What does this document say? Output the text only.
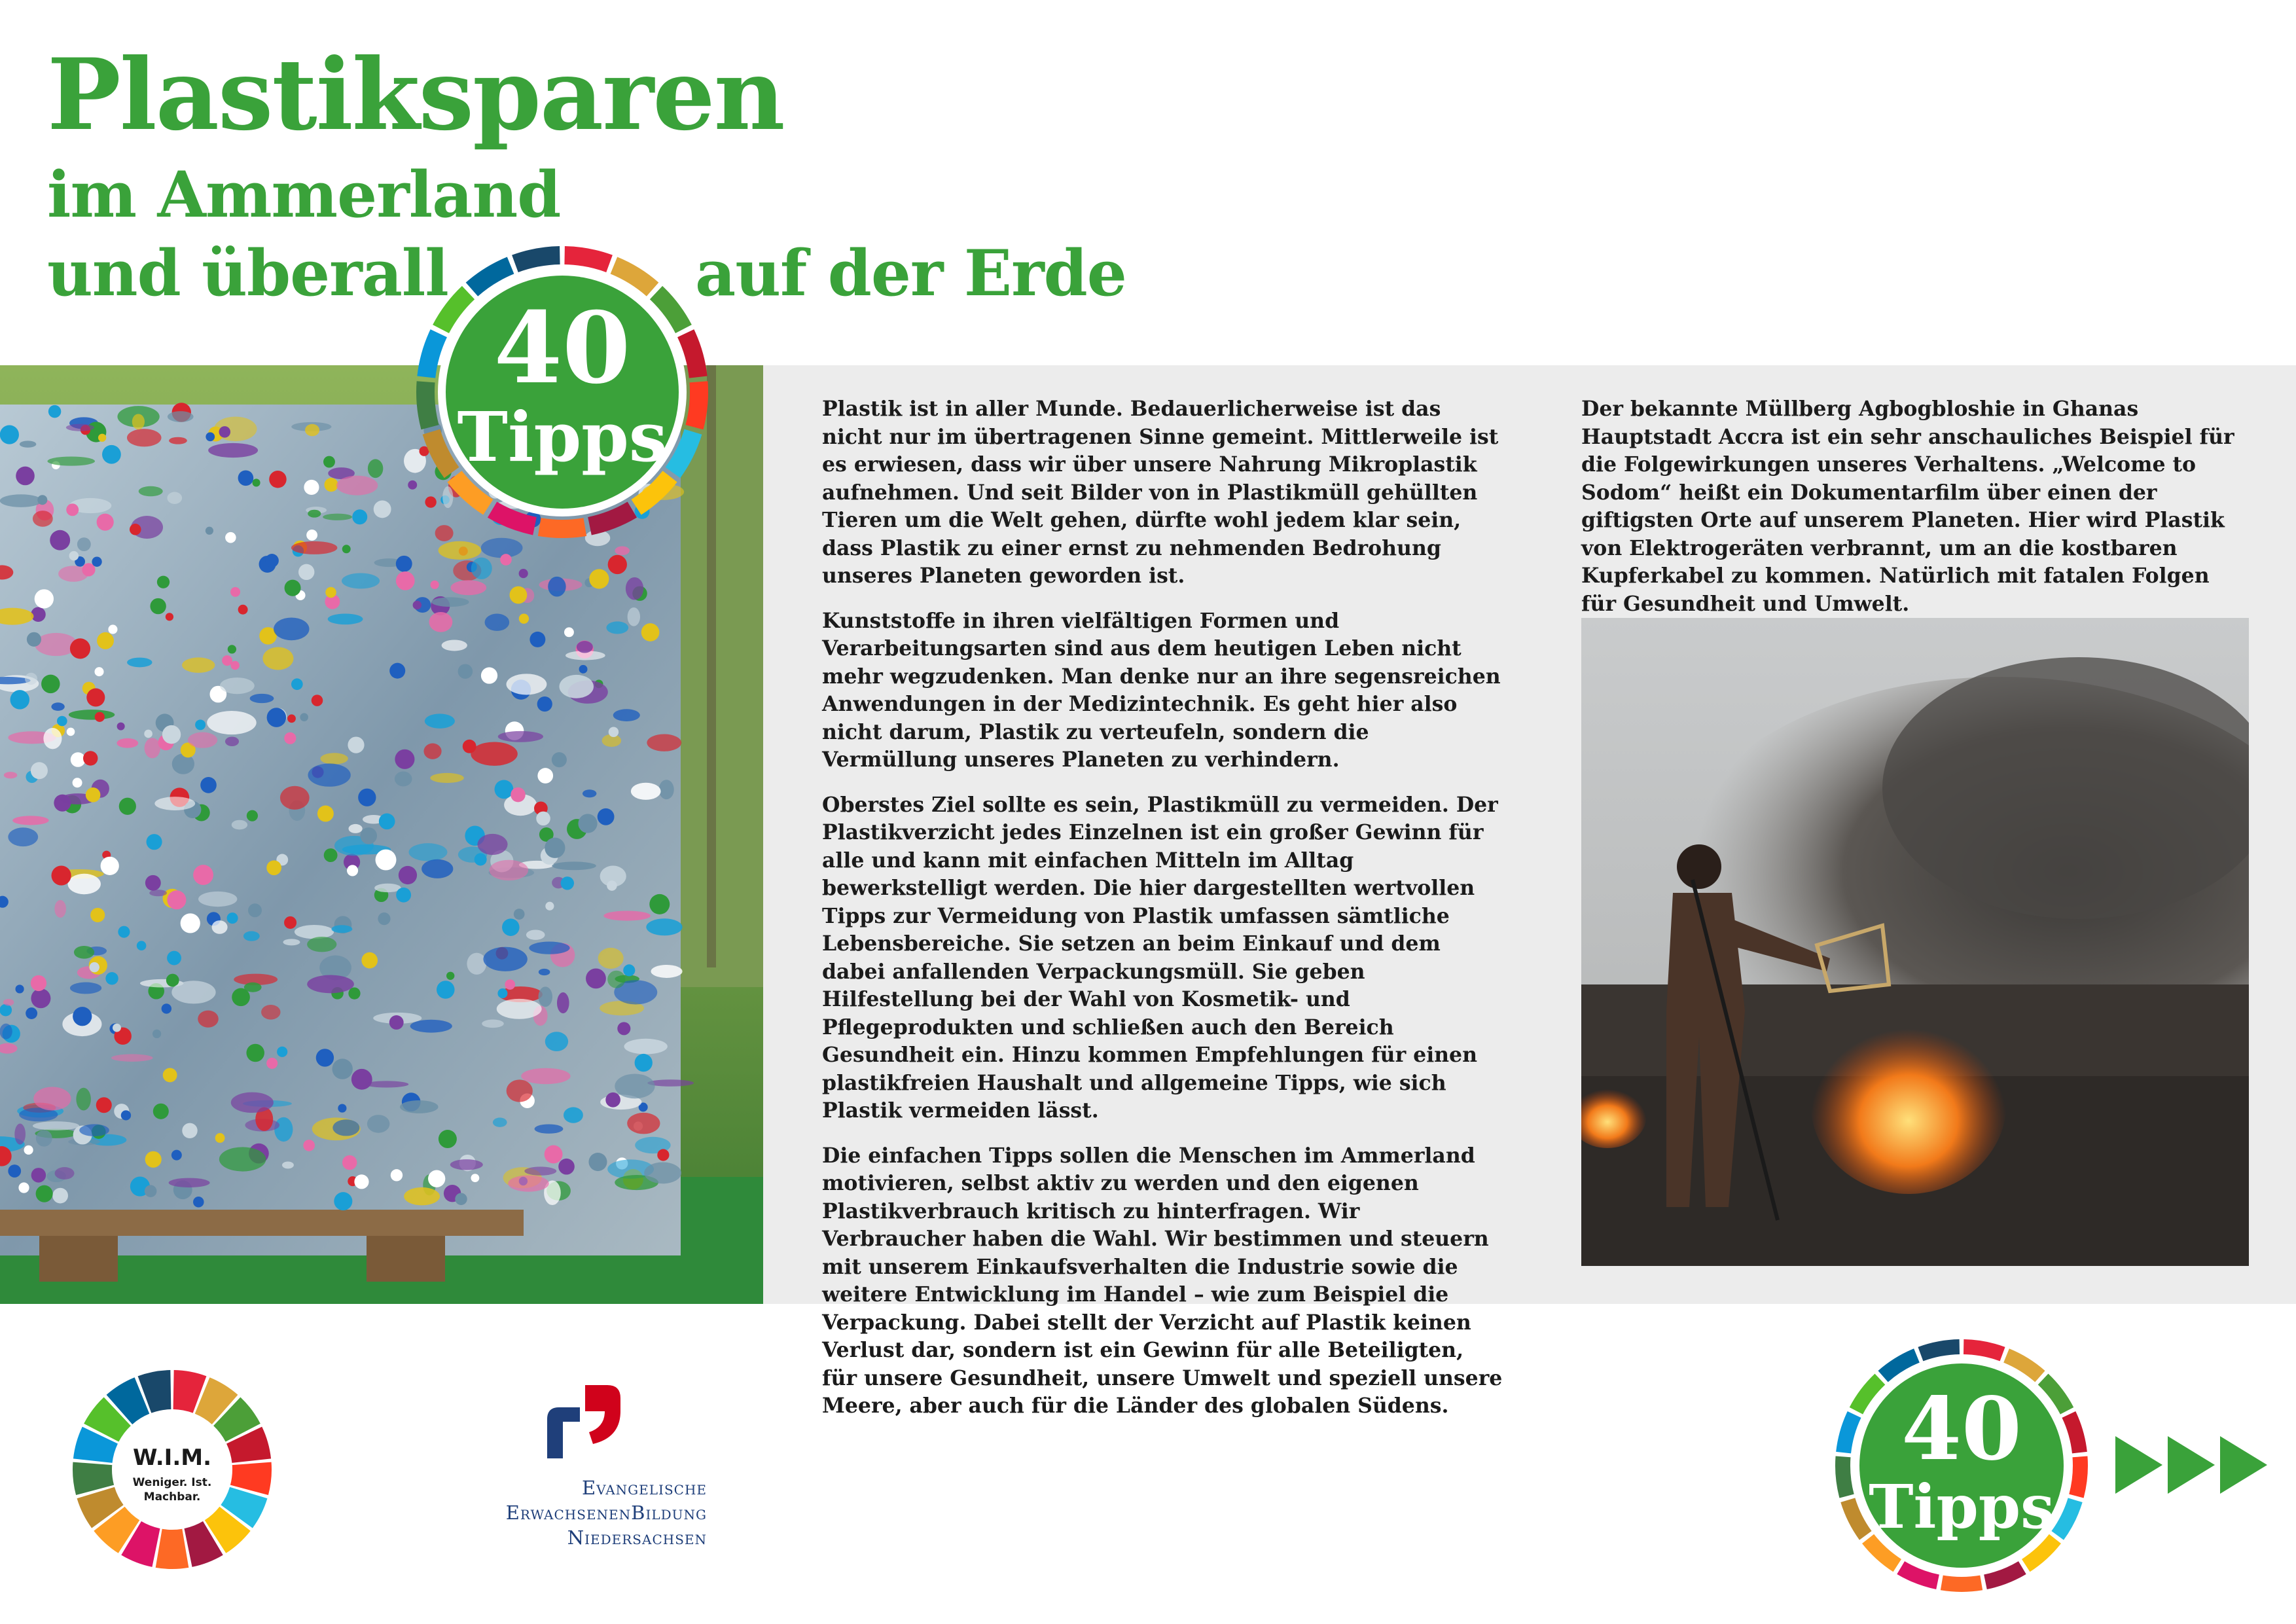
Plastiksparen
im Ammerland
und überall	auf der Erde

Plastik ist in aller Munde. Bedauerlicherweise ist das nicht nur im übertragenen Sinne gemeint. Mittlerweile ist es erwiesen, dass wir über unsere Nahrung Mikroplastik aufnehmen. Und seit Bilder von in Plastikmüll gehüllten Tieren um die Welt gehen, dürfte wohl jedem klar sein, dass Plastik zu einer ernst zu nehmenden Bedrohung unseres Planeten geworden ist.

Kunststoffe in ihren vielfältigen Formen und Verarbeitungsarten sind aus dem heutigen Leben nicht mehr wegzudenken. Man denke nur an ihre segensreichen Anwendungen in der Medizintechnik. Es geht hier also nicht darum, Plastik zu verteufeln, sondern die Vermüllung unseres Planeten zu verhindern.

Oberstes Ziel sollte es sein, Plastikmüll zu vermeiden. Der Plastikverzicht jedes Einzelnen ist ein großer Gewinn für alle und kann mit einfachen Mitteln im Alltag bewerkstelligt werden. Die hier dargestellten wertvollen Tipps zur Vermeidung von Plastik umfassen sämtliche Lebensbereiche. Sie setzen an beim Einkauf und dem dabei anfallenden Verpackungsmüll. Sie geben Hilfestellung bei der Wahl von Kosmetik- und Pflegeprodukten und schließen auch den Bereich Gesundheit ein. Hinzu kommen Empfehlungen für einen plastikfreien Haushalt und allgemeine Tipps, wie sich Plastik vermeiden lässt.

Die einfachen Tipps sollen die Menschen im Ammerland motivieren, selbst aktiv zu werden und den eigenen Plastikverbrauch kritisch zu hinterfragen. Wir Verbraucher haben die Wahl. Wir bestimmen und steuern mit unserem Einkaufsverhalten die Industrie sowie die weitere Entwicklung im Handel – wie zum Beispiel die Verpackung. Dabei stellt der Verzicht auf Plastik keinen Verlust dar, sondern ist ein Gewinn für alle Beteiligten, für unsere Gesundheit, unsere Umwelt und speziell unsere Meere, aber auch für die Länder des globalen Südens.

Der bekannte Müllberg Agbogbloshie in Ghanas Hauptstadt Accra ist ein sehr anschauliches Beispiel für die Folgewirkungen unseres Verhaltens. „Welcome to Sodom“ heißt ein Dokumentarfilm über einen der giftigsten Orte auf unserem Planeten. Hier wird Plastik von Elektrogeräten verbrannt, um an die kostbaren Kupferkabel zu kommen. Natürlich mit fatalen Folgen für Gesundheit und Umwelt.

40
Tipps
W.I.M.
Weniger. Ist.
Machbar.	Evangelische
ErwachsenenBildung
Niedersachsen
40
Tipps
